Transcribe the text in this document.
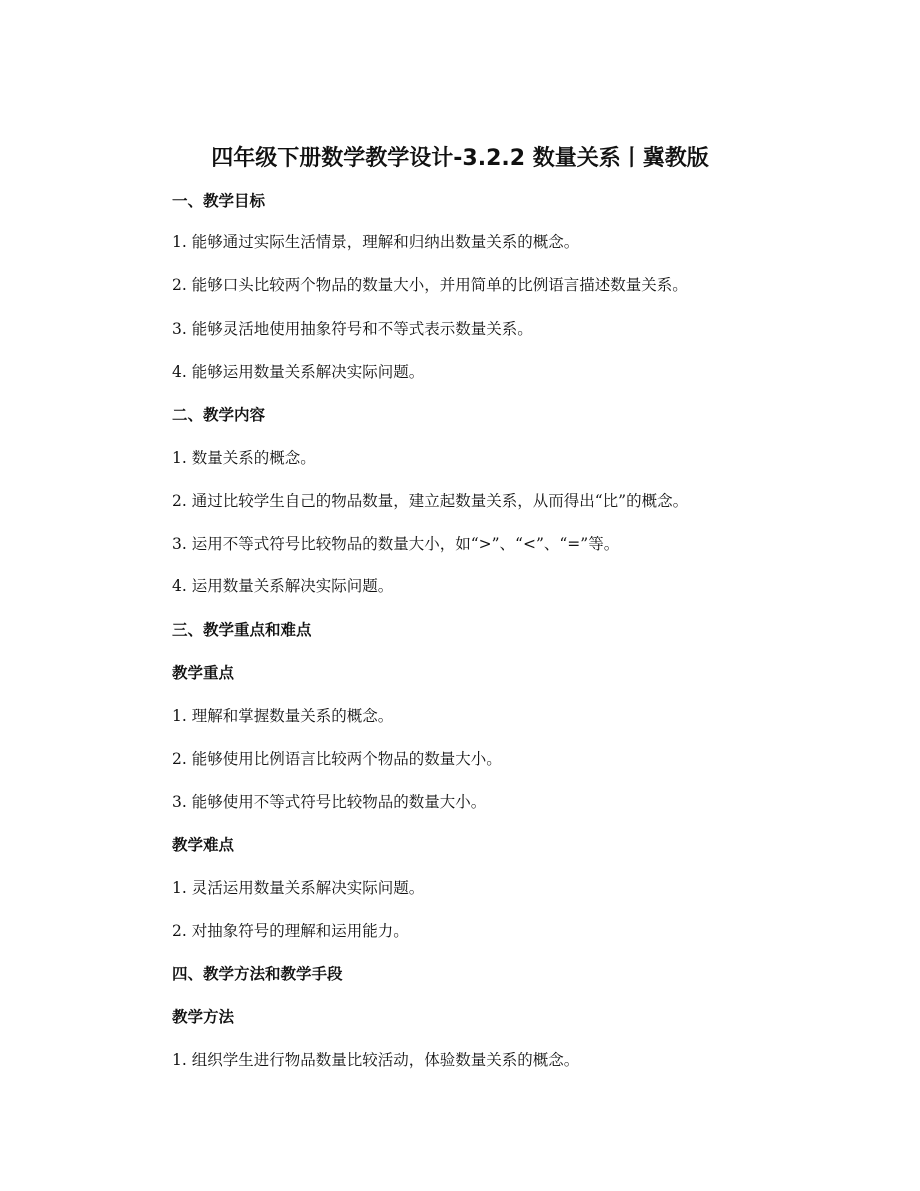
四年级下册数学教学设计-3.2.2 数量关系丨冀教版
一、教学目标
1. 能够通过实际生活情景，理解和归纳出数量关系的概念。
2. 能够口头比较两个物品的数量大小，并用简单的比例语言描述数量关系。
3. 能够灵活地使用抽象符号和不等式表示数量关系。
4. 能够运用数量关系解决实际问题。
二、教学内容
1. 数量关系的概念。
2. 通过比较学生自己的物品数量，建立起数量关系，从而得出“比”的概念。
3. 运用不等式符号比较物品的数量大小，如“>”、“<”、“=”等。
4. 运用数量关系解决实际问题。
三、教学重点和难点
教学重点
1. 理解和掌握数量关系的概念。
2. 能够使用比例语言比较两个物品的数量大小。
3. 能够使用不等式符号比较物品的数量大小。
教学难点
1. 灵活运用数量关系解决实际问题。
2. 对抽象符号的理解和运用能力。
四、教学方法和教学手段
教学方法
1. 组织学生进行物品数量比较活动，体验数量关系的概念。
